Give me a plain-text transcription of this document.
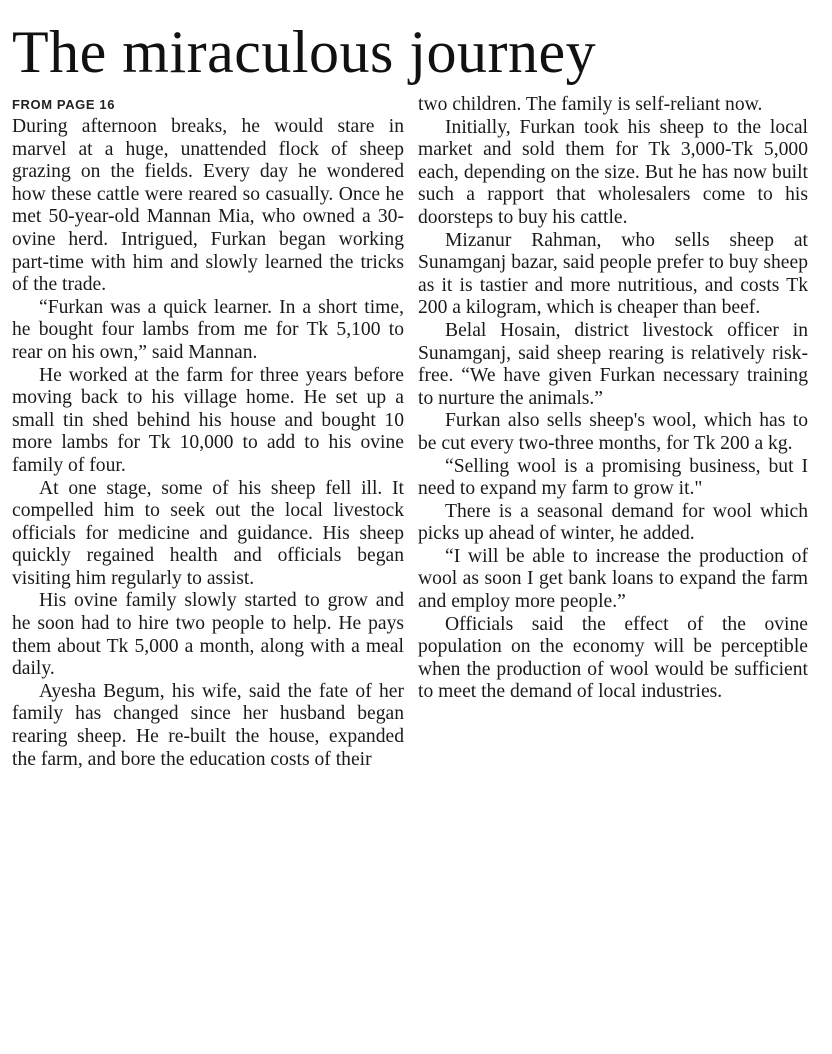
The miraculous journey
FROM PAGE 16

During afternoon breaks, he would stare in marvel at a huge, unattended flock of sheep grazing on the fields. Every day he wondered how these cattle were reared so casually. Once he met 50-year-old Mannan Mia, who owned a 30-ovine herd. Intrigued, Furkan began working part-time with him and slowly learned the tricks of the trade.

“Furkan was a quick learner. In a short time, he bought four lambs from me for Tk 5,100 to rear on his own,” said Mannan.

He worked at the farm for three years before moving back to his village home. He set up a small tin shed behind his house and bought 10 more lambs for Tk 10,000 to add to his ovine family of four.

At one stage, some of his sheep fell ill. It compelled him to seek out the local livestock officials for medicine and guidance. His sheep quickly regained health and officials began visiting him regularly to assist.

His ovine family slowly started to grow and he soon had to hire two people to help. He pays them about Tk 5,000 a month, along with a meal daily.

Ayesha Begum, his wife, said the fate of her family has changed since her husband began rearing sheep. He re-built the house, expanded the farm, and bore the education costs of their

two children. The family is self-reliant now.

Initially, Furkan took his sheep to the local market and sold them for Tk 3,000-Tk 5,000 each, depending on the size. But he has now built such a rapport that wholesalers come to his doorsteps to buy his cattle.

Mizanur Rahman, who sells sheep at Sunamganj bazar, said people prefer to buy sheep as it is tastier and more nutritious, and costs Tk 200 a kilogram, which is cheaper than beef.

Belal Hosain, district livestock officer in Sunamganj, said sheep rearing is relatively risk-free. “We have given Furkan necessary training to nurture the animals.”

Furkan also sells sheep's wool, which has to be cut every two-three months, for Tk 200 a kg.

“Selling wool is a promising business, but I need to expand my farm to grow it."

There is a seasonal demand for wool which picks up ahead of winter, he added.

“I will be able to increase the production of wool as soon I get bank loans to expand the farm and employ more people.”

Officials said the effect of the ovine population on the economy will be perceptible when the production of wool would be sufficient to meet the demand of local industries.
